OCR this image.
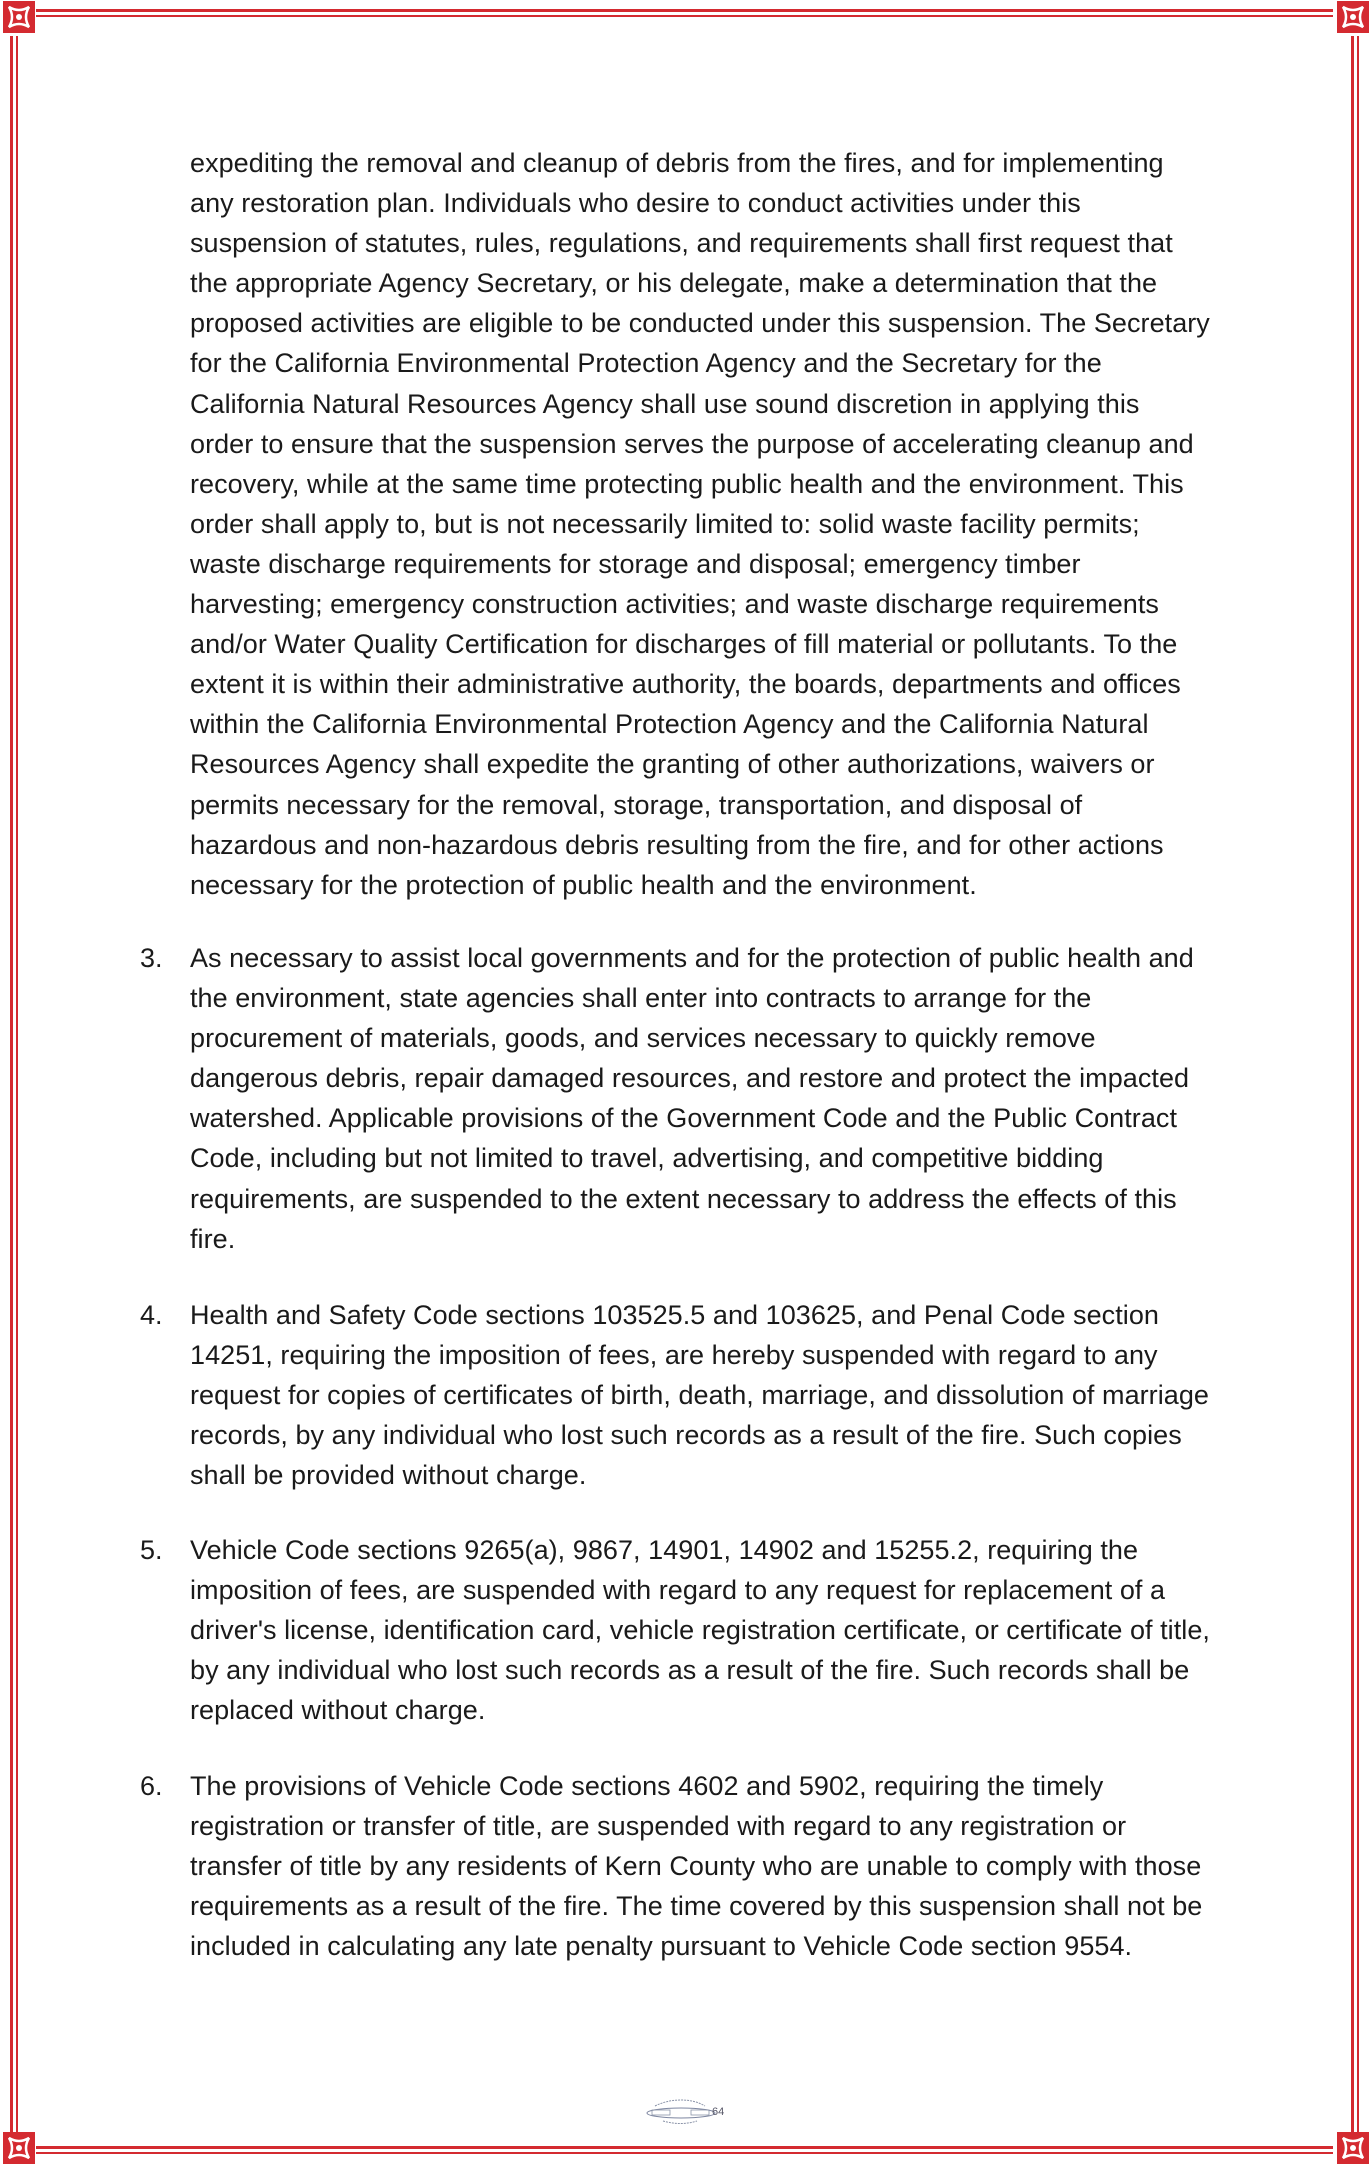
expediting the removal and cleanup of debris from the fires, and for implementing
any restoration plan. Individuals who desire to conduct activities under this
suspension of statutes, rules, regulations, and requirements shall first request that
the appropriate Agency Secretary, or his delegate, make a determination that the
proposed activities are eligible to be conducted under this suspension. The Secretary
for the California Environmental Protection Agency and the Secretary for the
California Natural Resources Agency shall use sound discretion in applying this
order to ensure that the suspension serves the purpose of accelerating cleanup and
recovery, while at the same time protecting public health and the environment. This
order shall apply to, but is not necessarily limited to: solid waste facility permits;
waste discharge requirements for storage and disposal; emergency timber
harvesting; emergency construction activities; and waste discharge requirements
and/or Water Quality Certification for discharges of fill material or pollutants. To the
extent it is within their administrative authority, the boards, departments and offices
within the California Environmental Protection Agency and the California Natural
Resources Agency shall expedite the granting of other authorizations, waivers or
permits necessary for the removal, storage, transportation, and disposal of
hazardous and non-hazardous debris resulting from the fire, and for other actions
necessary for the protection of public health and the environment.
3. As necessary to assist local governments and for the protection of public health and
the environment, state agencies shall enter into contracts to arrange for the
procurement of materials, goods, and services necessary to quickly remove
dangerous debris, repair damaged resources, and restore and protect the impacted
watershed. Applicable provisions of the Government Code and the Public Contract
Code, including but not limited to travel, advertising, and competitive bidding
requirements, are suspended to the extent necessary to address the effects of this
fire.
4. Health and Safety Code sections 103525.5 and 103625, and Penal Code section
14251, requiring the imposition of fees, are hereby suspended with regard to any
request for copies of certificates of birth, death, marriage, and dissolution of marriage
records, by any individual who lost such records as a result of the fire. Such copies
shall be provided without charge.
5. Vehicle Code sections 9265(a), 9867, 14901, 14902 and 15255.2, requiring the
imposition of fees, are suspended with regard to any request for replacement of a
driver's license, identification card, vehicle registration certificate, or certificate of title,
by any individual who lost such records as a result of the fire. Such records shall be
replaced without charge.
6. The provisions of Vehicle Code sections 4602 and 5902, requiring the timely
registration or transfer of title, are suspended with regard to any registration or
transfer of title by any residents of Kern County who are unable to comply with those
requirements as a result of the fire. The time covered by this suspension shall not be
included in calculating any late penalty pursuant to Vehicle Code section 9554.
64
